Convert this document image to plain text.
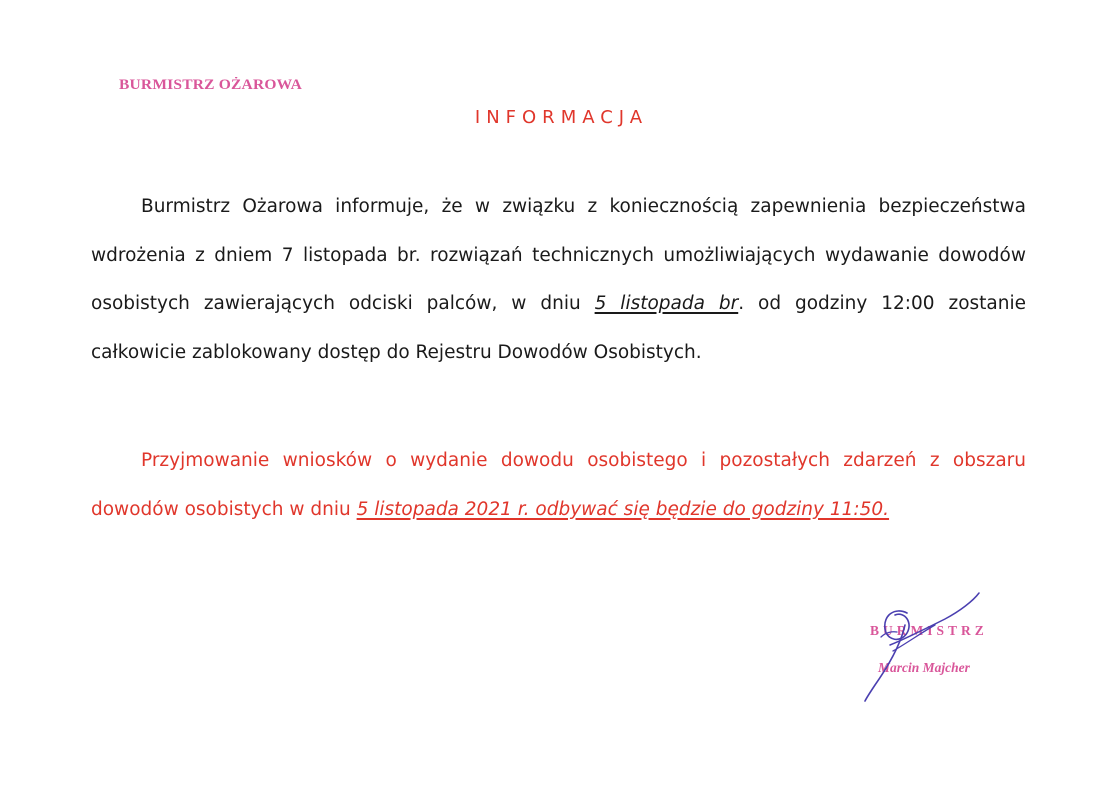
BURMISTRZ OŻAROWA
INFORMACJA

Burmistrz Ożarowa informuje, że w związku z koniecznością zapewnienia bezpieczeństwa wdrożenia z dniem 7 listopada br. rozwiązań technicznych umożliwiających wydawanie dowodów osobistych zawierających odciski palców, w dniu 5 listopada br. od godziny 12:00 zostanie całkowicie zablokowany dostęp do Rejestru Dowodów Osobistych.

Przyjmowanie wniosków o wydanie dowodu osobistego i pozostałych zdarzeń z obszaru dowodów osobistych w dniu 5 listopada 2021 r. odbywać się będzie do godziny 11:50.

BURMISTRZ
Marcin Majcher
